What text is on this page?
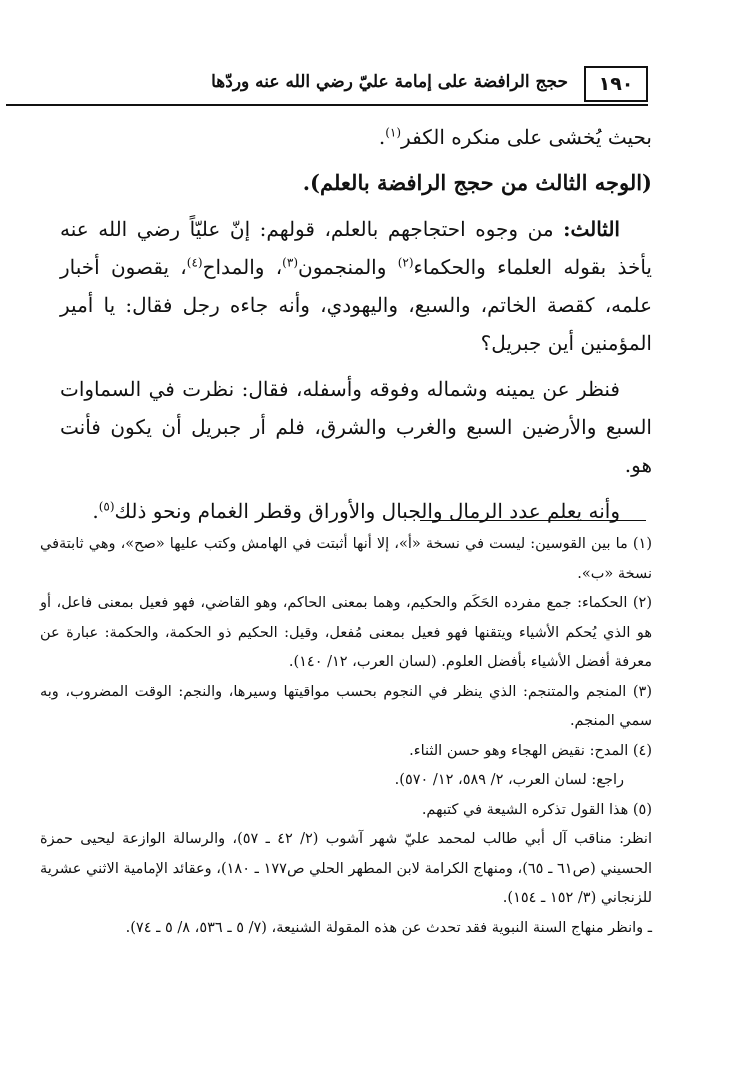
١٩٠
حجج الرافضة على إمامة عليّ رضي الله عنه وردّها

بحيث يُخشى على منكره الكفر$^{(١)}$.

(الوجه الثالث من حجج الرافضة بالعلم).

الثالث: من وجوه احتجاجهم بالعلم، قولهم: إنّ عليّاً رضي الله عنه يأخذ بقوله العلماء والحكماء$^{(٢)}$ والمنجمون$^{(٣)}$، والمداح$^{(٤)}$، يقصون أخبار علمه، كقصة الخاتم، والسبع، واليهودي، وأنه جاءه رجل فقال: يا أمير المؤمنين أين جبريل؟

فنظر عن يمينه وشماله وفوقه وأسفله، فقال: نظرت في السماوات السبع والأرضين السبع والغرب والشرق، فلم أر جبريل أن يكون فأنت هو.

وأنه يعلم عدد الرمال والجبال والأوراق وقطر الغمام ونحو ذلك$^{(٥)}$.

(١) ما بين القوسين: ليست في نسخة «أ»، إلا أنها أثبتت في الهامش وكتب عليها «صح»، وهي ثابتةفي نسخة «ب».

(٢) الحكماء: جمع مفرده الحَكَم والحكيم، وهما بمعنى الحاكم، وهو القاضي، فهو فعيل بمعنى فاعل، أو هو الذي يُحكم الأشياء ويتقنها فهو فعيل بمعنى مُفعل، وقيل: الحكيم ذو الحكمة، والحكمة: عبارة عن معرفة أفضل الأشياء بأفضل العلوم. (لسان العرب، ١٢/ ١٤٠).

(٣) المنجم والمتنجم: الذي ينظر في النجوم بحسب مواقيتها وسيرها، والنجم: الوقت المضروب، وبه سمي المنجم.

(٤) المدح: نقيض الهجاء وهو حسن الثناء.

راجع: لسان العرب، ٢/ ٥٨٩، ١٢/ ٥٧٠).

(٥) هذا القول تذكره الشيعة في كتبهم.

انظر: مناقب آل أبي طالب لمحمد عليّ شهر آشوب (٢/ ٤٢ ـ ٥٧)، والرسالة الوازعة ليحيى حمزة الحسيني (ص٦١ ـ ٦٥)، ومنهاج الكرامة لابن المطهر الحلي ص١٧٧ ـ ١٨٠)، وعقائد الإمامية الاثني عشرية للزنجاني (٣/ ١٥٢ ـ ١٥٤).

ـ وانظر منهاج السنة النبوية فقد تحدث عن هذه المقولة الشنيعة، (٧/ ٥ ـ ٥٣٦، ٨/ ٥ ـ ٧٤).
